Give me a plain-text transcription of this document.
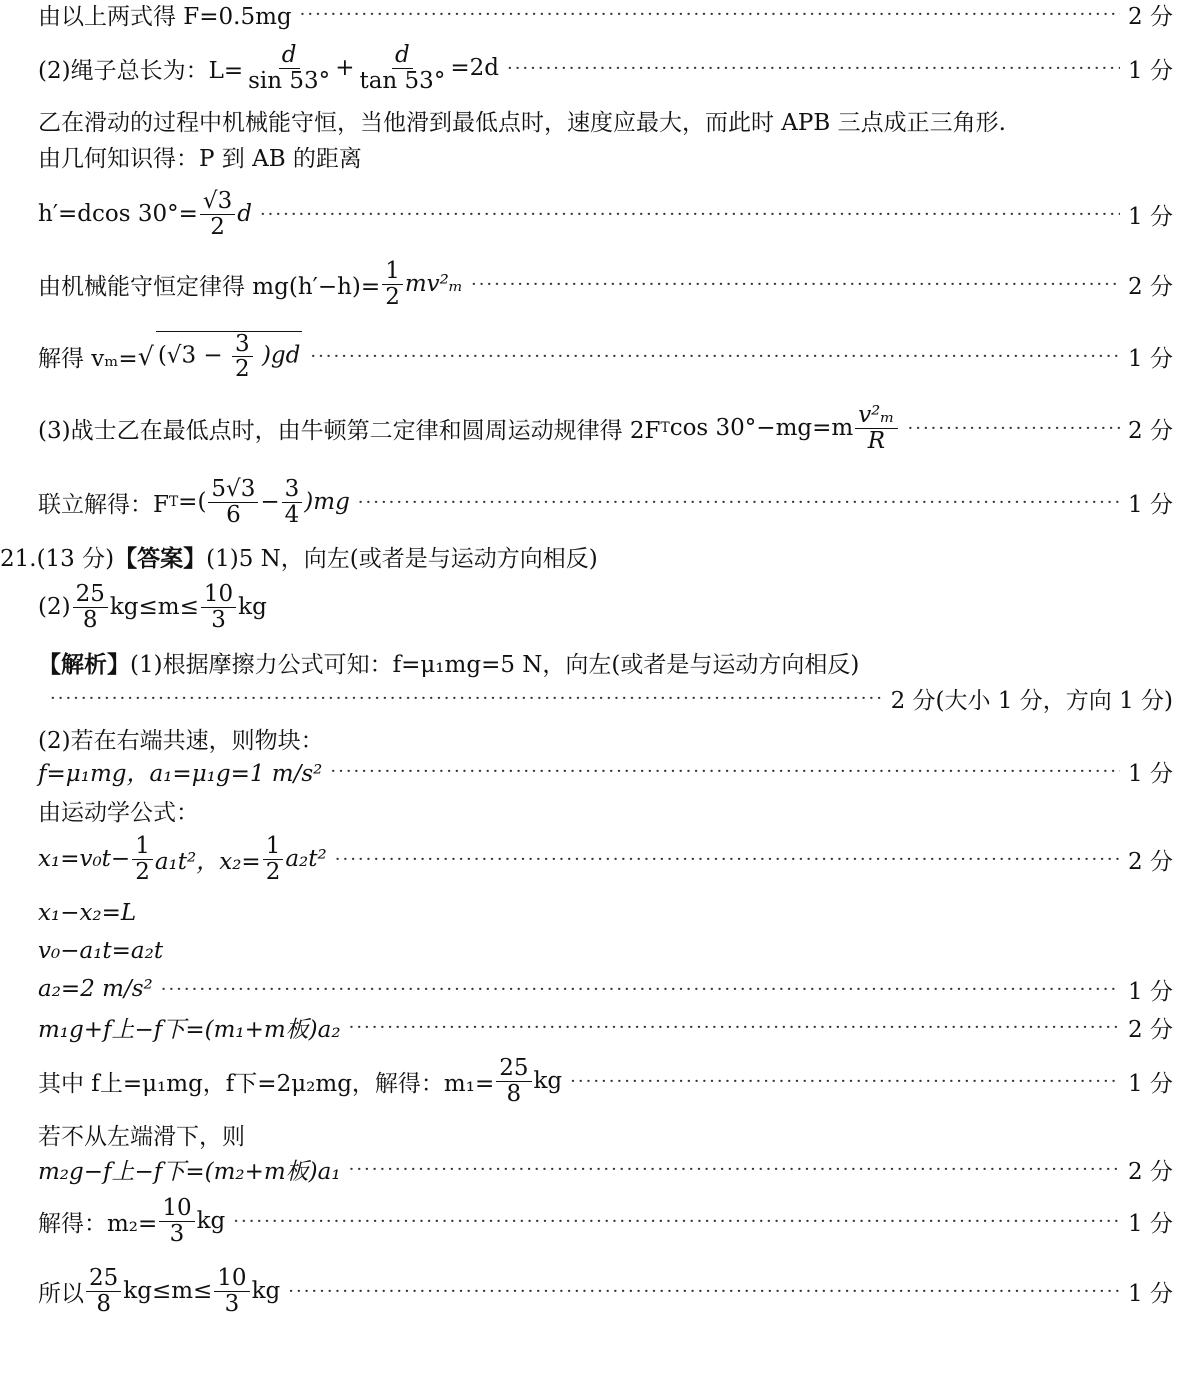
由以上两式得 F=0.5mg ·····	2 分
(2)绳子总长为：$L= \frac{d}{\sin 53^\circ} + \frac{d}{\tan 53^\circ} =2d$ ·····	1 分
乙在滑动的过程中机械能守恒，当他滑到最低点时，速度应最大，而此时 APB 三点成正三角形.
由几何知识得：P 到 AB 的距离
h′=dcos $30^\circ= \frac{√3}{2}$ d ·····	1 分
由机械能守恒定律得 $mg(h'-h)= \frac{1}{2} mv^2_m$ ·····	2 分
解得 vₘ= √ $(√3 - \frac{3}{2} )gd$ ·····	1 分
(3)战士乙在最低点时，由牛顿第二定律和圆周运动规律得 2F T $\cos 30^\circ-mg=m \frac{\text{v²ₘ}}{R}$ ·····	2 分
联立解得：F T =( $\frac{5√3}{6} - \frac{3}{4} )mg$ ·····	1 分
21.(13 分)【答案】(1)5 N，向左(或者是与运动方向相反)
$(2) \frac{25}{8} kg\le m\le \frac{10}{3}$ kg
【解析】(1)根据摩擦力公式可知：f=μ₁mg=5 N，向左(或者是与运动方向相反)
·····
2 分(大小 1 分，方向 1 分)
(2)若在右端共速，则物块：
f=μ₁mg，a₁=μ₁g=1 m/s² ·····	1 分
由运动学公式：
$x_1=v_0t- \frac{1}{2} a_1t^2$，$x_2= \frac{1}{2} a_2t^2$ ·····	2 分
x₁−x₂=L
v₀−a₁t=a₂t
a₂=2 m/s² ·····	1 分
m₁g+f上−f下=(m₁+m板)a₂ ·····	2 分
其中 f上=μ₁mg，f下=2μ₂mg，解得：$m_1= \frac{25}{8}$ kg ·····	1 分
若不从左端滑下，则
m₂g−f上−f下=(m₂+m板)a₁ ·····	2 分
解得：$m_2= \frac{10}{3}$ kg ·····	1 分
所以 $\frac{25}{8} kg\le m\le \frac{10}{3}$ kg ·····	1 分
